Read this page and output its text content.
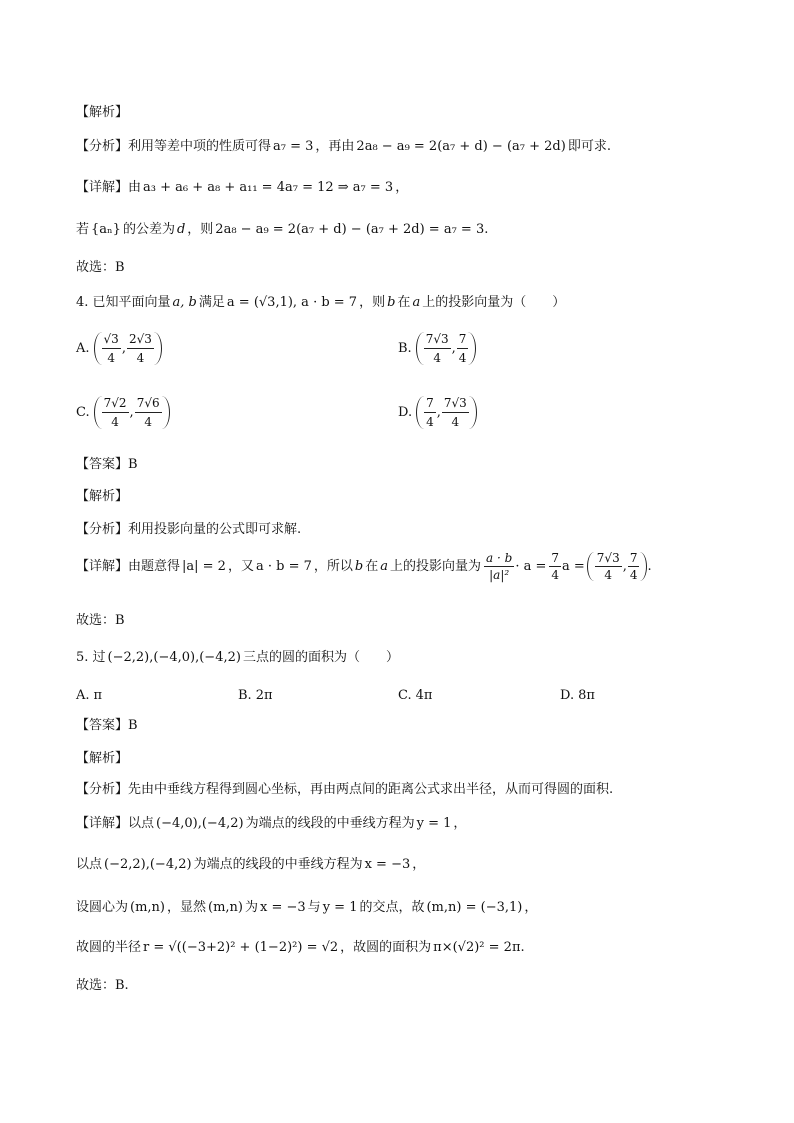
【解析】
【分析】利用等差中项的性质可得 a₇ = 3 ，再由 2a₈ − a₉ = 2(a₇ + d) − (a₇ + 2d) 即可求.
【详解】由 a₃ + a₆ + a₈ + a₁₁ = 4a₇ = 12 ⇒ a₇ = 3 ，
若 {aₙ} 的公差为 d ，则 2a₈ − a₉ = 2(a₇ + d) − (a₇ + 2d) = a₇ = 3.
故选：B
4. 已知平面向量 a, b 满足 a = (√3,1), a · b = 7 ，则 b 在 a 上的投影向量为（　　）
A. $\frac{√3}{4}$ , $\frac{2√3}{4}$	B. $\frac{7√3}{4}$ , $\frac{7}{4}$
C. $\frac{7√2}{4}$ , $\frac{7√6}{4}$	D. $\frac{7}{4}$ , $\frac{7√3}{4}$
【答案】B
【解析】
【分析】利用投影向量的公式即可求解.
【详解】由题意得 |a| = 2 ，又 a · b = 7 ，所以 b 在 a 上的投影向量为 $\frac{a \cdot b}{\text{|a|²}} \cdot a = \frac{7}{4}$ $a = \frac{7√3}{4}$ , $\frac{7}{4}$ .
故选：B
5. 过 (−2,2),(−4,0),(−4,2) 三点的圆的面积为（　　）
A. π	B. 2π	C. 4π	D. 8π
【答案】B
【解析】
【分析】先由中垂线方程得到圆心坐标，再由两点间的距离公式求出半径，从而可得圆的面积.
【详解】以点 (−4,0),(−4,2) 为端点的线段的中垂线方程为 y = 1 ，
以点 (−2,2),(−4,2) 为端点的线段的中垂线方程为 x = −3 ，
设圆心为 (m,n) ，显然 (m,n) 为 x = −3 与 y = 1 的交点，故 (m,n) = (−3,1) ，
故圆的半径 r = √((−3+2)² + (1−2)²) = √2 ，故圆的面积为 π×(√2)² = 2π.
故选：B.
